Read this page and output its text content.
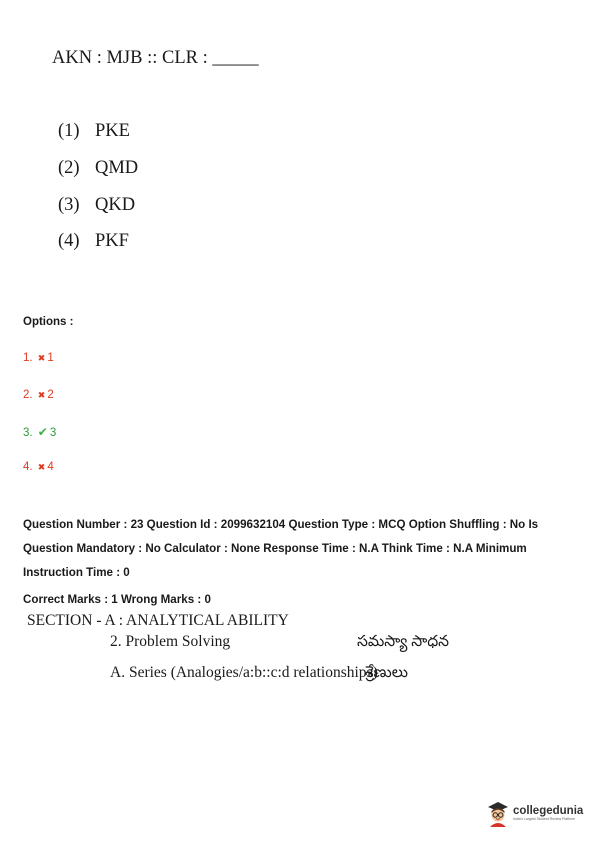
AKN : MJB :: CLR : _____
(1) PKE
(2) QMD
(3) QKD
(4) PKF
Options :
1. ✖ 1
2. ✖ 2
3. ✔ 3
4. ✖ 4
Question Number : 23 Question Id : 2099632104 Question Type : MCQ Option Shuffling : No Is
Question Mandatory : No Calculator : None Response Time : N.A Think Time : N.A Minimum
Instruction Time : 0
Correct Marks : 1 Wrong Marks : 0
SECTION - A : ANALYTICAL ABILITY
2. Problem Solving	సమస్యా సాధన
A. Series (Analogies/a:b::c:d relationships)
శ్రేణులు
collegedunia
India's Largest Student Review Platform
